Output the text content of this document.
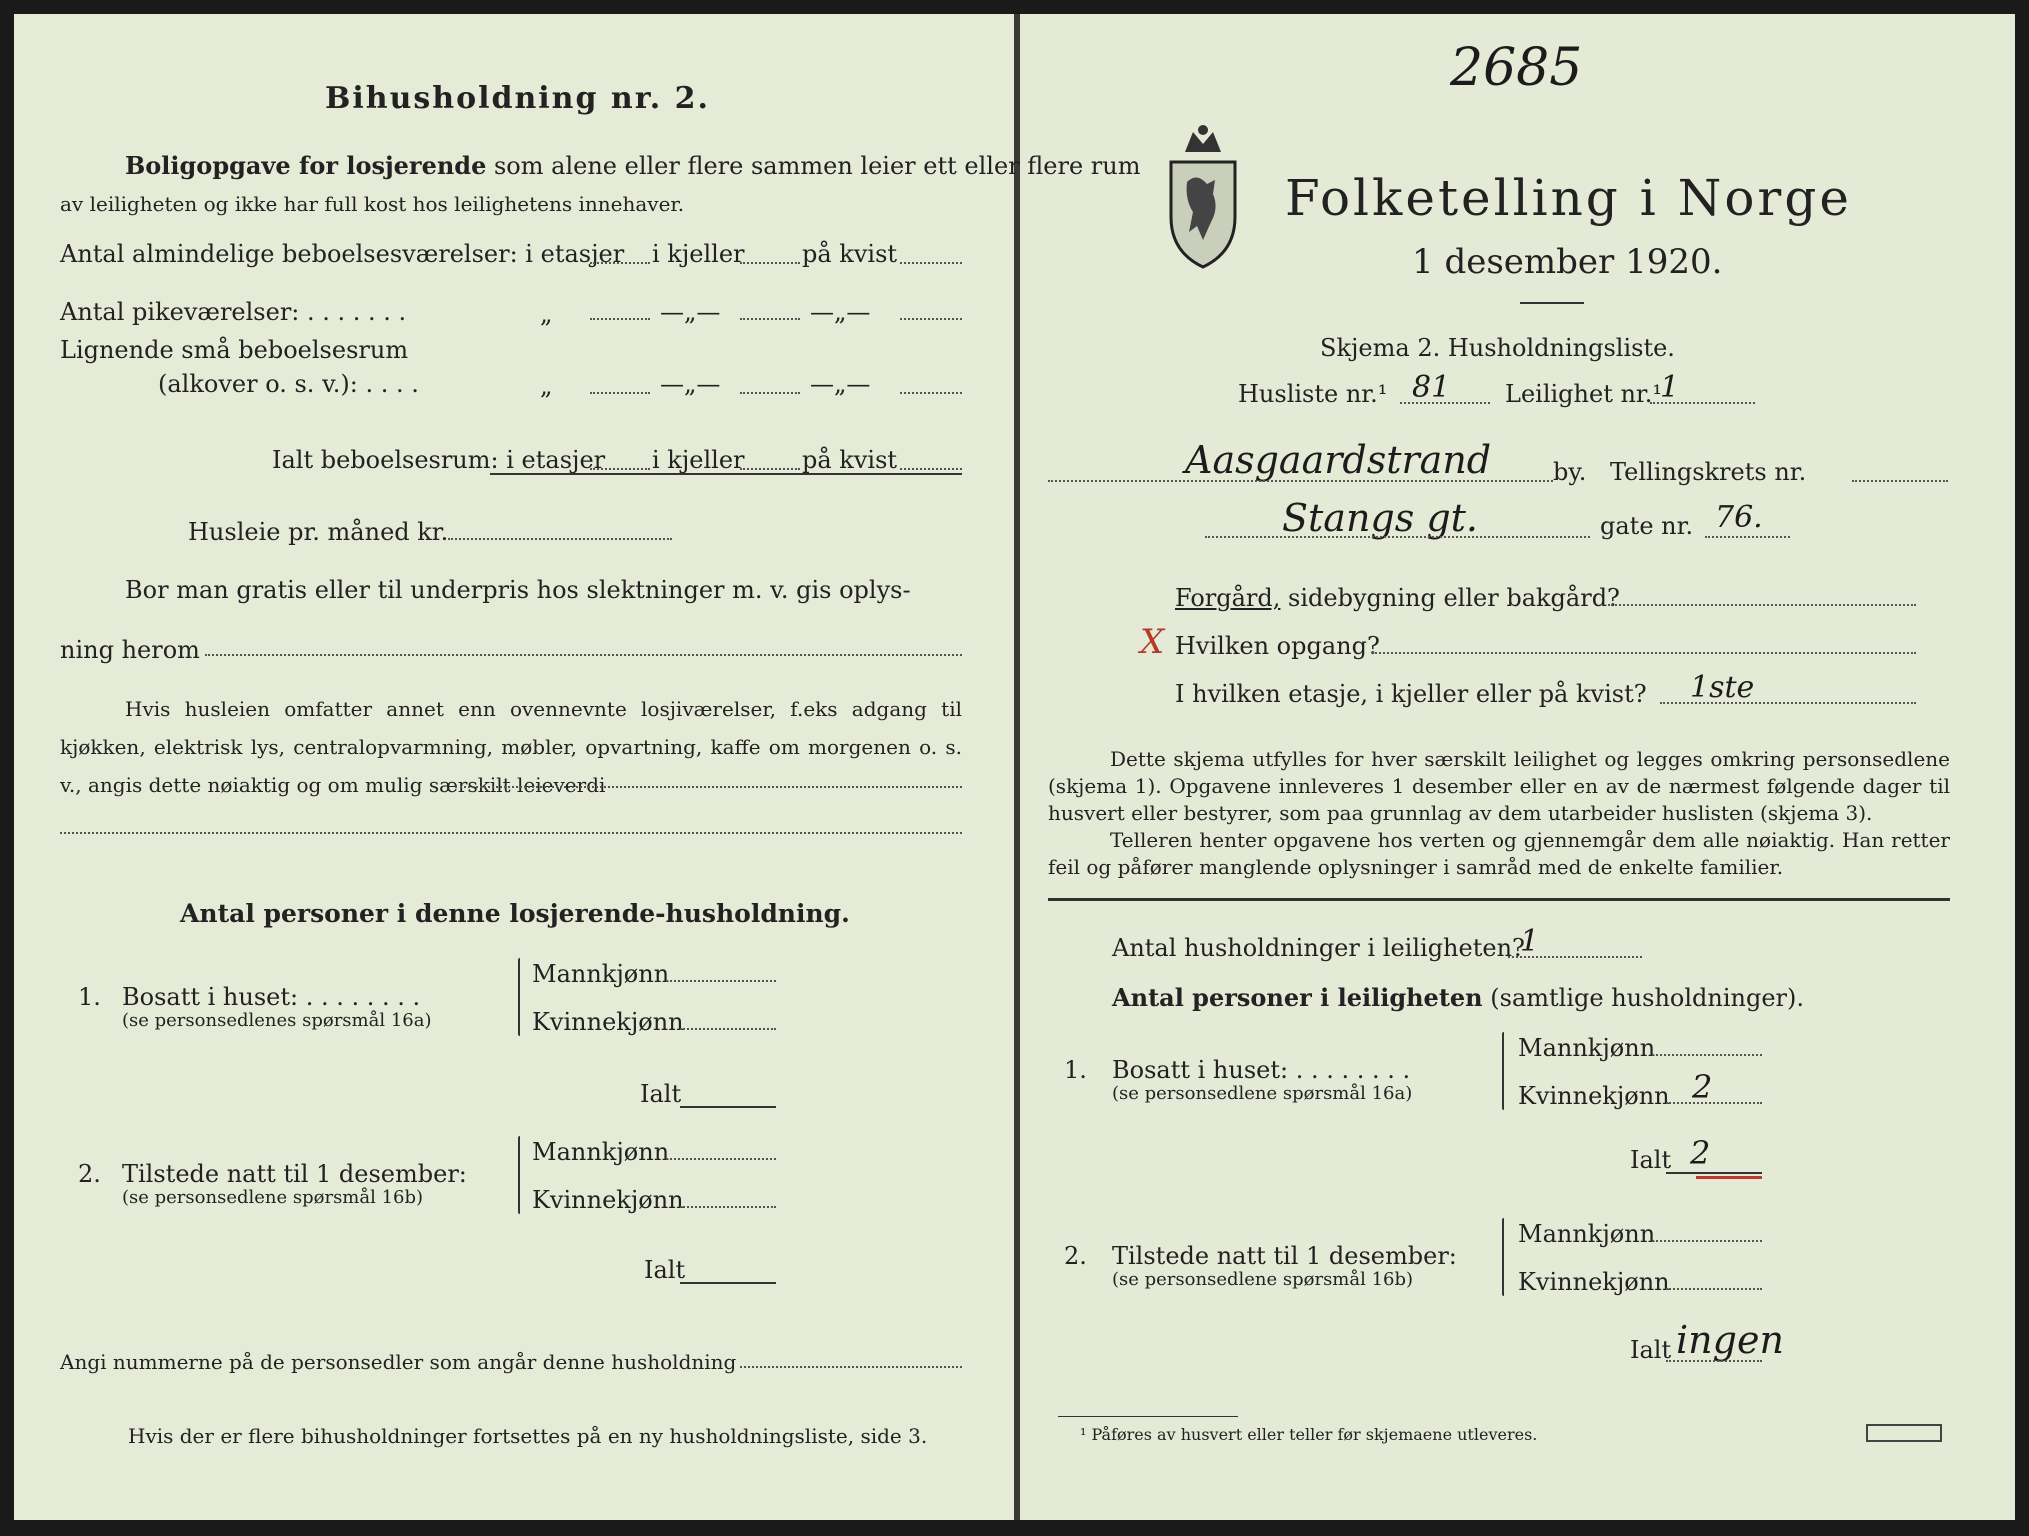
Bihusholdning nr. 2.
Boligopgave for losjerende som alene eller flere sammen leier ett eller flere rum
av leiligheten og ikke har full kost hos leilighetens innehaver.
Antal almindelige beboelsesværelser: i etasjer i kjeller på kvist
Antal pikeværelser: . . . . . . .	„	—„—	—„—
Lignende små beboelsesrum
(alkover o. s. v.): . . . .	„	—„—	—„—
Ialt beboelsesrum: i etasjer i kjeller på kvist
Husleie pr. måned kr.
Bor man gratis eller til underpris hos slektninger m. v. gis oplys-
ning herom
Hvis husleien omfatter annet enn ovennevnte losjiværelser, f.eks adgang til kjøkken, elektrisk lys, centralopvarmning, møbler, opvartning, kaffe om morgenen o. s. v., angis dette nøiaktig og om mulig særskilt leieverdi
Antal personer i denne losjerende-husholdning.
1. Bosatt i huset: . . . . . . . .
(se personsedlenes spørsmål 16a)
Mannkjønn
Kvinnekjønn
Ialt
2. Tilstede natt til 1 desember:
(se personsedlene spørsmål 16b)
Mannkjønn
Kvinnekjønn
Ialt
Angi nummerne på de personsedler som angår denne husholdning
Hvis der er flere bihusholdninger fortsettes på en ny husholdningsliste, side 3.
2685
Folketelling i Norge
1 desember 1920.
Skjema 2. Husholdningsliste.
Husliste nr.¹ 81 Leilighet nr.¹
1
Aasgaardstrand	by. Tellingskrets nr.
Stangs gt.	gate nr. 76.
Forgård, sidebygning eller bakgård?
X Hvilken opgang?
I hvilken etasje, i kjeller eller på kvist? 1ste
Dette skjema utfylles for hver særskilt leilighet og legges omkring personsedlene (skjema 1). Opgavene innleveres 1 desember eller en av de nærmest følgende dager til husvert eller bestyrer, som paa grunnlag av dem utarbeider huslisten (skjema 3).
Telleren henter opgavene hos verten og gjennemgår dem alle nøiaktig. Han retter feil og påfører manglende oplysninger i samråd med de enkelte familier.
Antal husholdninger i leiligheten?
1
Antal personer i leiligheten (samtlige husholdninger).
1. Bosatt i huset: . . . . . . . .
(se personsedlene spørsmål 16a)
Mannkjønn
Kvinnekjønn 2
Ialt 2
2. Tilstede natt til 1 desember:
(se personsedlene spørsmål 16b)
Mannkjønn
Kvinnekjønn
Ialt ingen
¹ Påføres av husvert eller teller før skjemaene utleveres.
